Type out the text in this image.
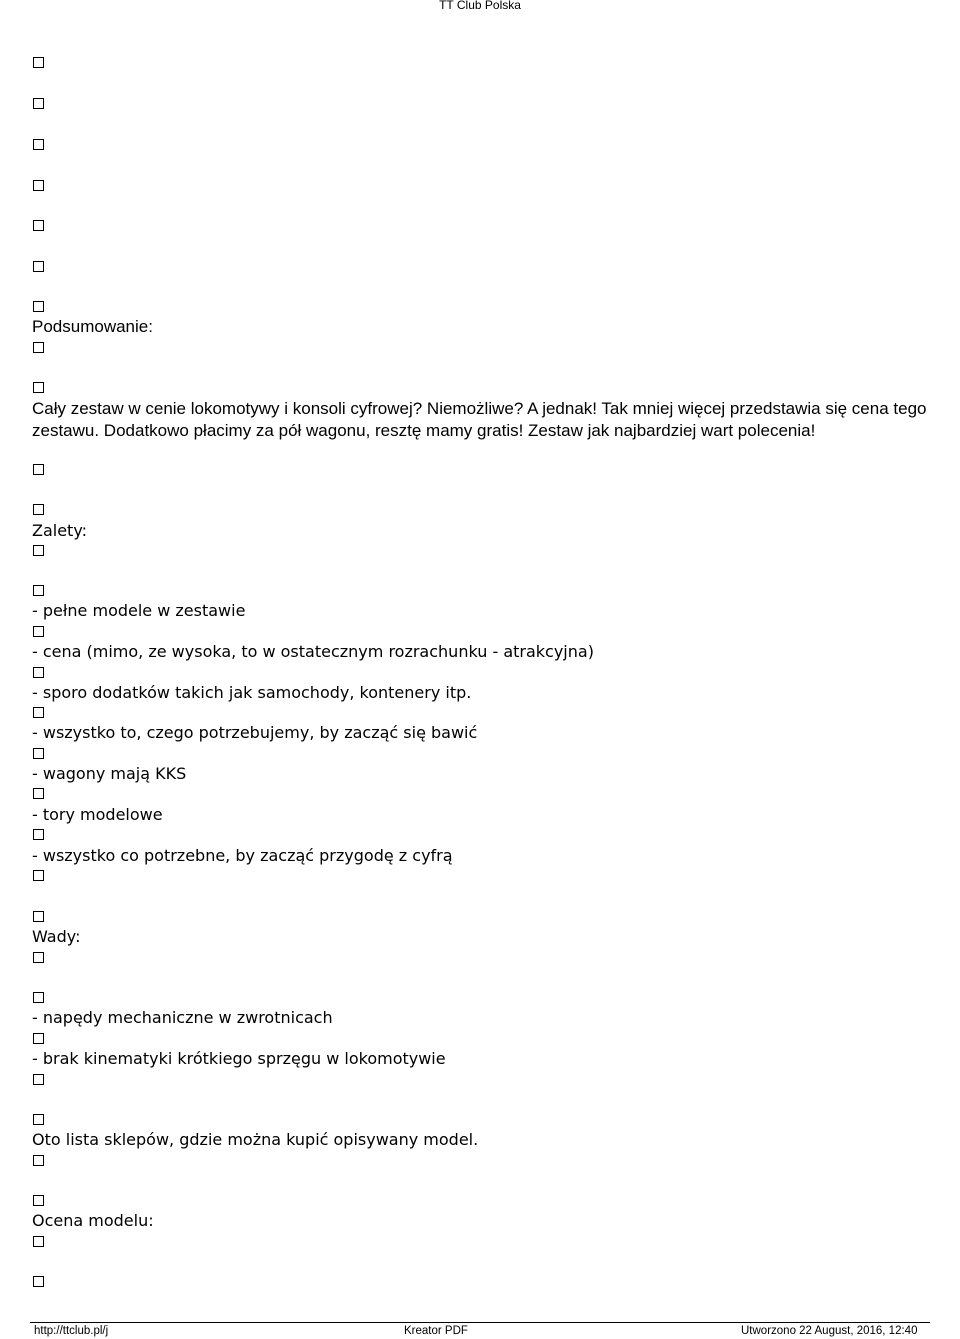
TT Club Polska

Podsumowanie:

Cały zestaw w cenie lokomotywy i konsoli cyfrowej? Niemożliwe? A jednak! Tak mniej więcej przedstawia się cena tego zestawu. Dodatkowo płacimy za pół wagonu, resztę mamy gratis! Zestaw jak najbardziej wart polecenia!

Zalety:

- pełne modele w zestawie

- cena (mimo, ze wysoka, to w ostatecznym rozrachunku - atrakcyjna)

- sporo dodatków takich jak samochody, kontenery itp.

- wszystko to, czego potrzebujemy, by zacząć się bawić

- wagony mają KKS

- tory modelowe

- wszystko co potrzebne, by zacząć przygodę z cyfrą

Wady:

- napędy mechaniczne w zwrotnicach

- brak kinematyki krótkiego sprzęgu w lokomotywie

Oto lista sklepów, gdzie można kupić opisywany model.

Ocena modelu:

http://ttclub.pl/j	Kreator PDF	Utworzono 22 August, 2016, 12:40
